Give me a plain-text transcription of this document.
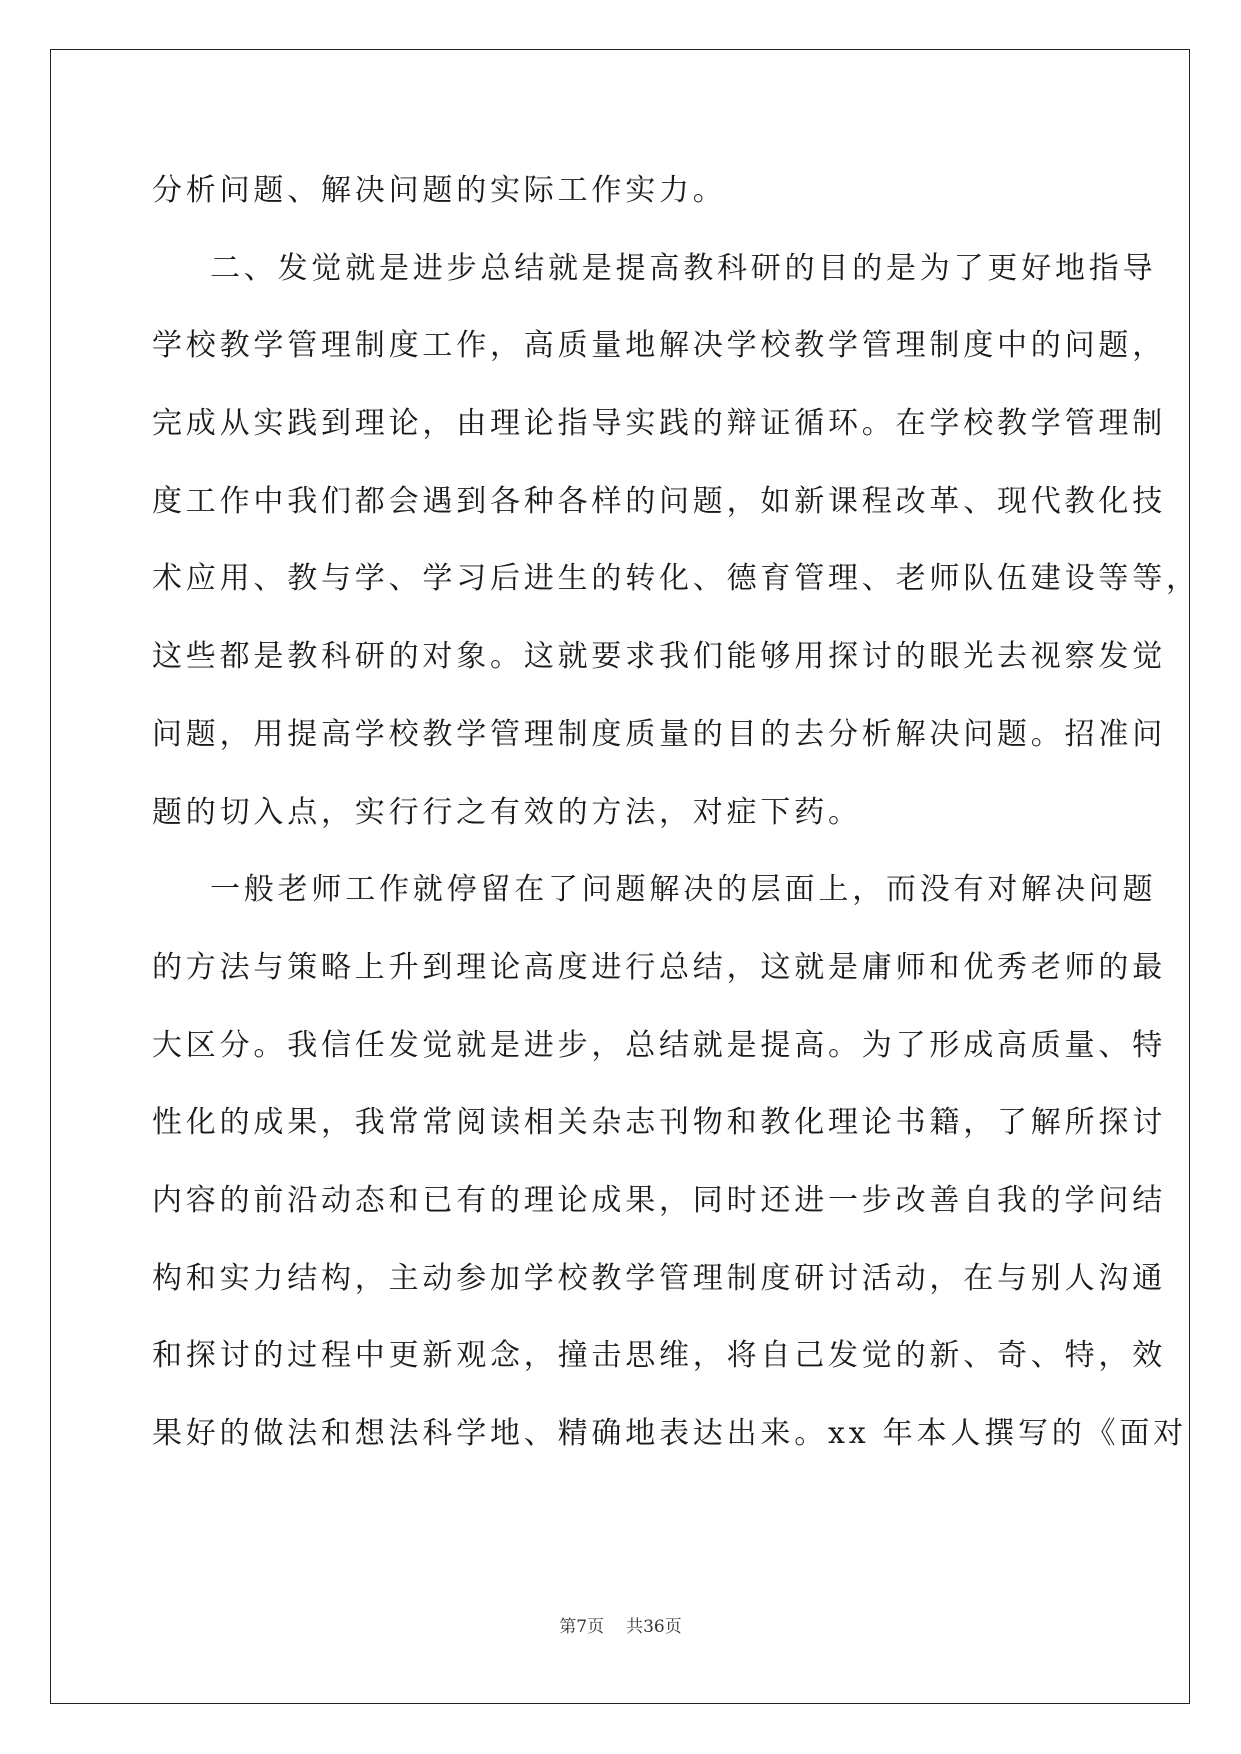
分析问题、解决问题的实际工作实力。
二、发觉就是进步总结就是提高教科研的目的是为了更好地指导
学校教学管理制度工作，高质量地解决学校教学管理制度中的问题，
完成从实践到理论，由理论指导实践的辩证循环。在学校教学管理制
度工作中我们都会遇到各种各样的问题，如新课程改革、现代教化技
术应用、教与学、学习后进生的转化、德育管理、老师队伍建设等等，
这些都是教科研的对象。这就要求我们能够用探讨的眼光去视察发觉
问题，用提高学校教学管理制度质量的目的去分析解决问题。招准问
题的切入点，实行行之有效的方法，对症下药。
一般老师工作就停留在了问题解决的层面上，而没有对解决问题
的方法与策略上升到理论高度进行总结，这就是庸师和优秀老师的最
大区分。我信任发觉就是进步，总结就是提高。为了形成高质量、特
性化的成果，我常常阅读相关杂志刊物和教化理论书籍，了解所探讨
内容的前沿动态和已有的理论成果，同时还进一步改善自我的学问结
构和实力结构，主动参加学校教学管理制度研讨活动，在与别人沟通
和探讨的过程中更新观念，撞击思维，将自己发觉的新、奇、特，效
果好的做法和想法科学地、精确地表达出来。xx 年本人撰写的《面对
第7页 共36页
